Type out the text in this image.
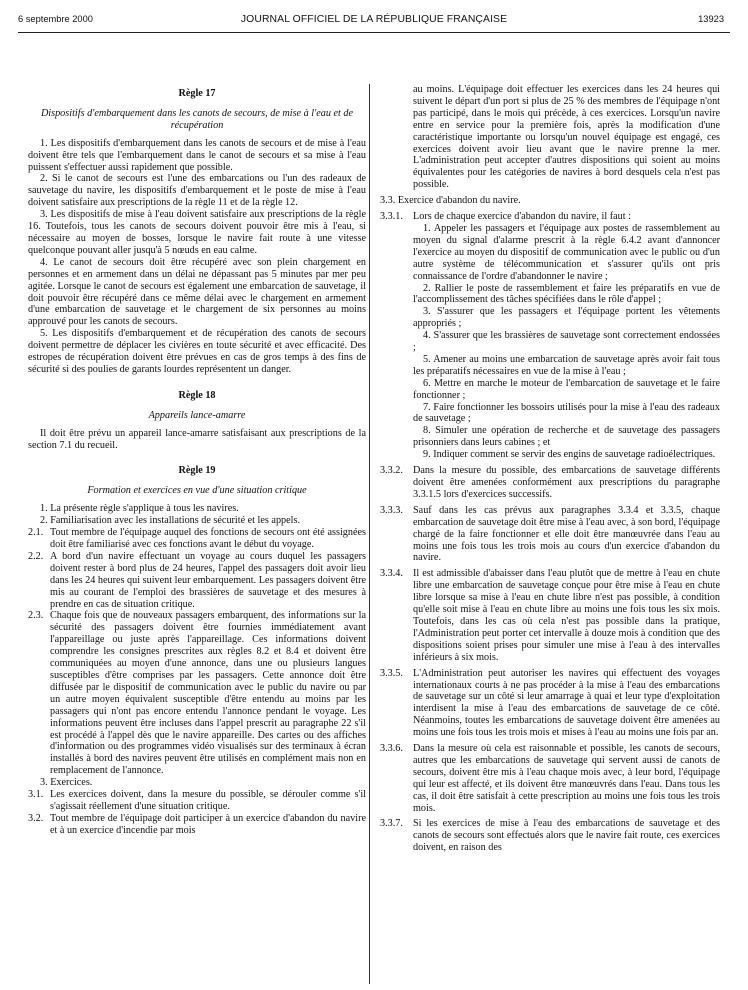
6 septembre 2000	JOURNAL OFFICIEL DE LA RÉPUBLIQUE FRANÇAISE	13923
Règle 17
Dispositifs d'embarquement dans les canots de secours, de mise à l'eau et de récupération

1. Les dispositifs d'embarquement dans les canots de secours et de mise à l'eau doivent être tels que l'embarquement dans le canot de secours et sa mise à l'eau puissent s'effectuer aussi rapidement que possible.

2. Si le canot de secours est l'une des embarcations ou l'un des radeaux de sauvetage du navire, les dispositifs d'embarquement et le poste de mise à l'eau doivent satisfaire aux prescriptions de la règle 11 et de la règle 12.

3. Les dispositifs de mise à l'eau doivent satisfaire aux prescriptions de la règle 16. Toutefois, tous les canots de secours doivent pouvoir être mis à l'eau, si nécessaire au moyen de bosses, lorsque le navire fait route à une vitesse quelconque pouvant aller jusqu'à 5 nœuds en eau calme.

4. Le canot de secours doit être récupéré avec son plein chargement en personnes et en armement dans un délai ne dépassant pas 5 minutes par mer peu agitée. Lorsque le canot de secours est également une embarcation de sauvetage, il doit pouvoir être récupéré dans ce même délai avec le chargement en armement d'une embarcation de sauvetage et le chargement de six personnes au moins approuvé pour les canots de secours.

5. Les dispositifs d'embarquement et de récupération des canots de secours doivent permettre de déplacer les civières en toute sécurité et avec efficacité. Des estropes de récupération doivent être prévues en cas de gros temps à des fins de sécurité si des poulies de garants lourdes représentent un danger.

Règle 18
Appareils lance-amarre

Il doit être prévu un appareil lance-amarre satisfaisant aux prescriptions de la section 7.1 du recueil.

Règle 19
Formation et exercices en vue d'une situation critique

1. La présente règle s'applique à tous les navires.

2. Familiarisation avec les installations de sécurité et les appels.

2.1. Tout membre de l'équipage auquel des fonctions de secours ont été assignées doit être familiarisé avec ces fonctions avant le début du voyage.
2.2. A bord d'un navire effectuant un voyage au cours duquel les passagers doivent rester à bord plus de 24 heures, l'appel des passagers doit avoir lieu dans les 24 heures qui suivent leur embarquement. Les passagers doivent être mis au courant de l'emploi des brassières de sauvetage et des mesures à prendre en cas de situation critique.
2.3. Chaque fois que de nouveaux passagers embarquent, des informations sur la sécurité des passagers doivent être fournies immédiatement avant l'appareillage ou juste après l'appareillage. Ces informations doivent comprendre les consignes prescrites aux règles 8.2 et 8.4 et doivent être communiquées au moyen d'une annonce, dans une ou plusieurs langues susceptibles d'être comprises par les passagers. Cette annonce doit être diffusée par le dispositif de communication avec le public du navire ou par un autre moyen équivalent susceptible d'être entendu au moins par les passagers qui n'ont pas encore entendu l'annonce pendant le voyage. Les informations peuvent être incluses dans l'appel prescrit au paragraphe 22 s'il est procédé à l'appel dès que le navire appareille. Des cartes ou des affiches d'information ou des programmes vidéo visualisés sur des terminaux à écran installés à bord des navires peuvent être utilisés en complément mais non en remplacement de l'annonce.

3. Exercices.

3.1. Les exercices doivent, dans la mesure du possible, se dérouler comme s'il s'agissait réellement d'une situation critique.
3.2. Tout membre de l'équipage doit participer à un exercice d'abandon du navire et à un exercice d'incendie par mois

au moins. L'équipage doit effectuer les exercices dans les 24 heures qui suivent le départ d'un port si plus de 25 % des membres de l'équipage n'ont pas participé, dans le mois qui précède, à ces exercices. Lorsqu'un navire entre en service pour la première fois, après la modification d'une caractéristique importante ou lorsqu'un nouvel équipage est engagé, ces exercices doivent avoir lieu avant que le navire prenne la mer. L'administration peut accepter d'autres dispositions qui soient au moins équivalentes pour les catégories de navires à bord desquels cela n'est pas possible.

3.3. Exercice d'abandon du navire.

3.3.1. Lors de chaque exercice d'abandon du navire, il faut :

1. Appeler les passagers et l'équipage aux postes de rassemblement au moyen du signal d'alarme prescrit à la règle 6.4.2 avant d'annoncer l'exercice au moyen du dispositif de communication avec le public ou d'un autre système de télécommunication et s'assurer qu'ils ont pris connaissance de l'ordre d'abandonner le navire ;

2. Rallier le poste de rassemblement et faire les préparatifs en vue de l'accomplissement des tâches spécifiées dans le rôle d'appel ;

3. S'assurer que les passagers et l'équipage portent les vêtements appropriés ;

4. S'assurer que les brassières de sauvetage sont correctement endossées ;

5. Amener au moins une embarcation de sauvetage après avoir fait tous les préparatifs nécessaires en vue de la mise à l'eau ;

6. Mettre en marche le moteur de l'embarcation de sauvetage et le faire fonctionner ;

7. Faire fonctionner les bossoirs utilisés pour la mise à l'eau des radeaux de sauvetage ;

8. Simuler une opération de recherche et de sauvetage des passagers prisonniers dans leurs cabines ; et

9. Indiquer comment se servir des engins de sauvetage radioélectriques.

3.3.2. Dans la mesure du possible, des embarcations de sauvetage différents doivent être amenées conformément aux prescriptions du paragraphe 3.3.1.5 lors d'exercices successifs.
3.3.3. Sauf dans les cas prévus aux paragraphes 3.3.4 et 3.3.5, chaque embarcation de sauvetage doit être mise à l'eau avec, à son bord, l'équipage chargé de la faire fonctionner et elle doit être manœuvrée dans l'eau au moins une fois tous les trois mois au cours d'un exercice d'abandon du navire.
3.3.4. Il est admissible d'abaisser dans l'eau plutôt que de mettre à l'eau en chute libre une embarcation de sauvetage conçue pour être mise à l'eau en chute libre lorsque sa mise à l'eau en chute libre n'est pas possible, à condition qu'elle soit mise à l'eau en chute libre au moins une fois tous les six mois. Toutefois, dans les cas où cela n'est pas possible dans la pratique, l'Administration peut porter cet intervalle à douze mois à condition que des dispositions soient prises pour simuler une mise à l'eau à des intervalles inférieurs à six mois.
3.3.5. L'Administration peut autoriser les navires qui effectuent des voyages internationaux courts à ne pas procéder à la mise à l'eau des embarcations de sauvetage sur un côté si leur amarrage à quai et leur type d'exploitation interdisent la mise à l'eau des embarcations de sauvetage de ce côté. Néanmoins, toutes les embarcations de sauvetage doivent être amenées au moins une fois tous les trois mois et mises à l'eau au moins une fois par an.
3.3.6. Dans la mesure où cela est raisonnable et possible, les canots de secours, autres que les embarcations de sauvetage qui servent aussi de canots de secours, doivent être mis à l'eau chaque mois avec, à leur bord, l'équipage qui leur est affecté, et ils doivent être manœuvrés dans l'eau. Dans tous les cas, il doit être satisfait à cette prescription au moins une fois tous les trois mois.
3.3.7. Si les exercices de mise à l'eau des embarcations de sauvetage et des canots de secours sont effectués alors que le navire fait route, ces exercices doivent, en raison des
